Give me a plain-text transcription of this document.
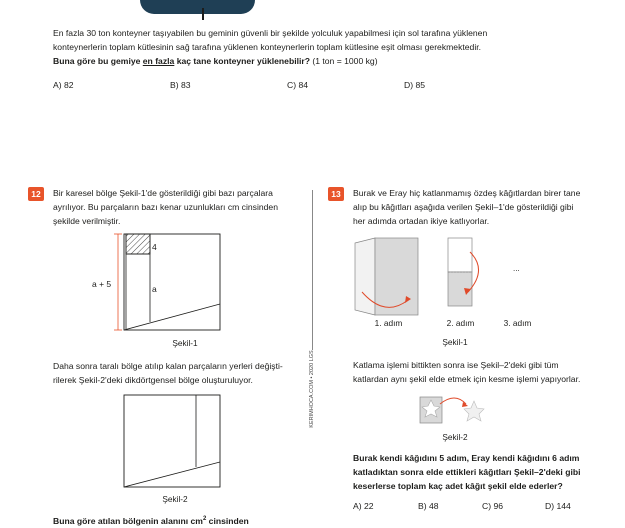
En fazla 30 ton konteyner taşıyabilen bu geminin güvenli bir şekilde yolculuk yapabilmesi için sol tarafına yüklenen
konteynerlerin toplam kütlesinin sağ tarafına yüklenen konteynerlerin toplam kütlesine eşit olması gerekmektedir.
Buna göre bu gemiye en fazla kaç tane konteyner yüklenebilir? (1 ton = 1000 kg)
A) 82	B) 83	C) 84	D) 85
12	Bir karesel bölge Şekil-1'de gösterildiği gibi bazı parçalara
ayrılıyor. Bu parçaların bazı kenar uzunlukları cm cinsinden
şekilde verilmiştir.
a + 5
4
a
Şekil-1
Daha sonra taralı bölge atılıp kalan parçaların yerleri değişti-
rilerek Şekil-2'deki dikdörtgensel bölge oluşturuluyor.
Şekil-2
Buna göre atılan bölgenin alanını $cm^2$ cinsinden
KERIMHOCA.COM • 2020 LGS
13	Burak ve Eray hiç katlanmamış özdeş kâğıtlardan birer tane
alıp bu kâğıtları aşağıda verilen Şekil–1'de gösterildiği gibi
her adımda ortadan ikiye katlıyorlar.
...
1. adım	2. adım	3. adım
Şekil-1
Katlama işlemi bittikten sonra ise Şekil–2'deki gibi tüm
katlardan aynı şekil elde etmek için kesme işlemi yapıyorlar.
Şekil-2
Burak kendi kâğıdını 5 adım, Eray kendi kâğıdını 6 adım
katladıktan sonra elde ettikleri kâğıtları Şekil–2'deki gibi
keserlerse toplam kaç adet kâğıt şekil elde ederler?
A) 22	B) 48	C) 96	D) 144
